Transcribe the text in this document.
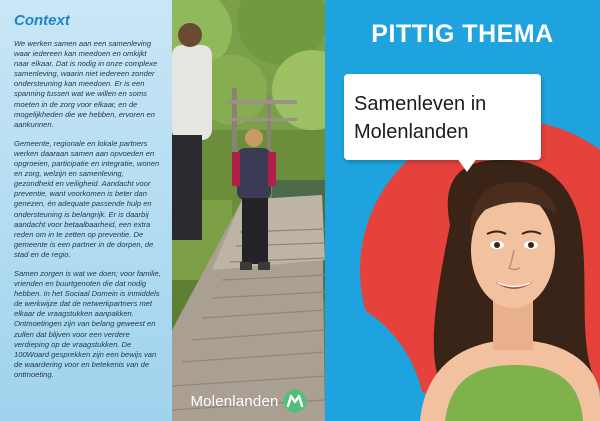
Context

We werken samen aan een samenleving waar iedereen kan meedoen en omkijkt naar elkaar. Dat is nodig in onze complexe samenleving, waarin niet iedereen zonder ondersteuning kan meedoen. Er is een spanning tussen wat we willen en soms moeten in de zorg voor elkaar, en de mogelijkheden die we hebben, ervoren en aankunnen.

Gemeente, regionale en lokale partners werken daaraan samen aan opvoeden en opgroeien, participatie en integratie, wonen en zorg, welzijn en samenleving, gezondheid en veiligheid. Aandacht voor preventie, want voorkomen is beter dan genezen, én adequate passende hulp en ondersteuning is belangrijk. Er is daarbij aandacht voor betaalbaarheid, een extra reden om in te zetten op preventie. De gemeente is een partner in de dorpen, de stad en de regio.

Samen zorgen is wat we doen; voor familie, vrienden en buurtgenoten die dat nodig hebben. In het Sociaal Domein is inmiddels de werkwijze dat de netwerkpartners met elkaar de vraagstukken aanpakken. Ontmoetingen zijn van belang geweest en zullen dat blijven voor een verdere verdieping op de vraagstukken. De 100Woard gesprekken zijn een bewijs van de waardering voor en betekenis van de ontmoeting.

Molenlanden
PITTIG THEMA
Samenleven in
Molenlanden
